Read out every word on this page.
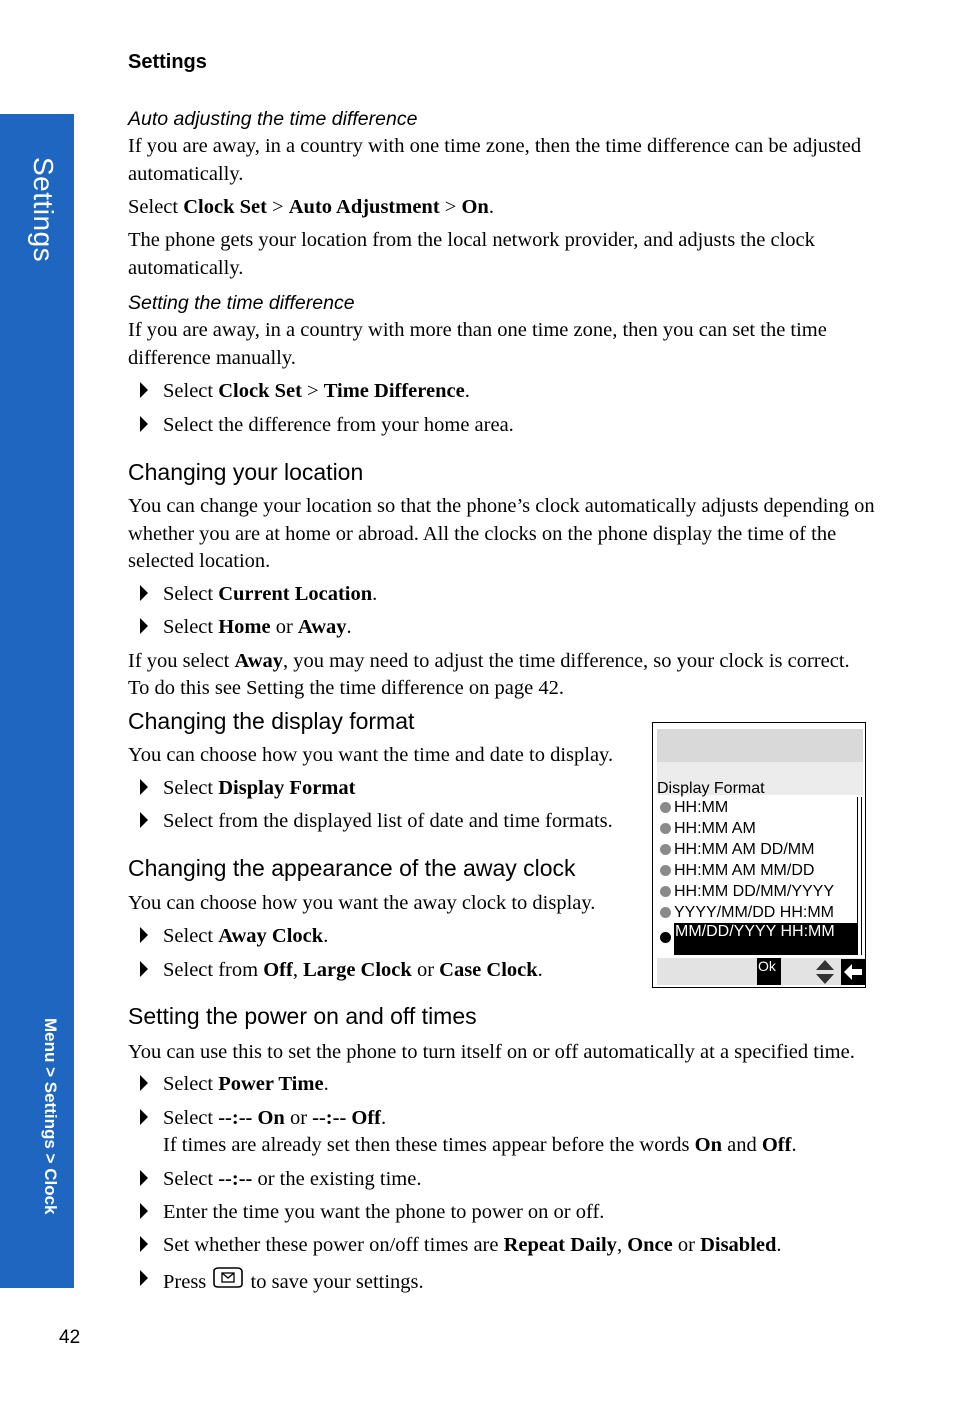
Settings
Settings
Menu > Settings > Clock
42
Auto adjusting the time difference
If you are away, in a country with one time zone, then the time difference can be adjusted automatically.
Select Clock Set > Auto Adjustment > On.
The phone gets your location from the local network provider, and adjusts the clock automatically.
Setting the time difference
If you are away, in a country with more than one time zone, then you can set the time difference manually.
Select Clock Set > Time Difference.
Select the difference from your home area.
Changing your location
You can change your location so that the phone’s clock automatically adjusts depending on whether you are at home or abroad. All the clocks on the phone display the time of the selected location.
Select Current Location.
Select Home or Away.
If you select Away, you may need to adjust the time difference, so your clock is correct.
To do this see Setting the time difference on page 42.
Changing the display format
You can choose how you want the time and date to display.
Select Display Format
Select from the displayed list of date and time formats.
Changing the appearance of the away clock
You can choose how you want the away clock to display.
Select Away Clock.
Select from Off, Large Clock or Case Clock.
Setting the power on and off times
You can use this to set the phone to turn itself on or off automatically at a specified time.
Select Power Time.
Select --:-- On or --:-- Off.
If times are already set then these times appear before the words On and Off.
Select --:-- or the existing time.
Enter the time you want the phone to power on or off.
Set whether these power on/off times are Repeat Daily, Once or Disabled.
Press  to save your settings.
Display Format
HH:MM
HH:MM AM
HH:MM AM DD/MM
HH:MM AM MM/DD
HH:MM DD/MM/YYYY
YYYY/MM/DD HH:MM
MM/DD/YYYY HH:MM
Ok
